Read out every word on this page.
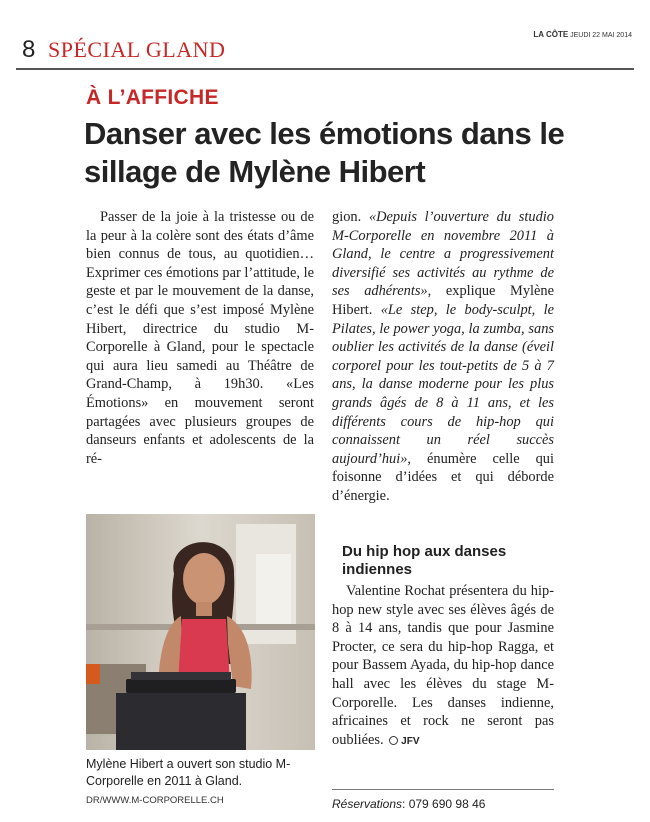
8 SPÉCIAL GLAND
LA CÔTE JEUDI 22 MAI 2014
À L’AFFICHE
Danser avec les émotions dans le sillage de Mylène Hibert
Passer de la joie à la tristesse ou de la peur à la colère sont des états d’âme bien connus de tous, au quotidien… Exprimer ces émotions par l’attitude, le geste et par le mouvement de la danse, c’est le défi que s’est imposé Mylène Hibert, directrice du studio M-Corporelle à Gland, pour le spectacle qui aura lieu samedi au Théâtre de Grand-Champ, à 19h30. «Les Émotions» en mouvement seront partagées avec plusieurs groupes de danseurs enfants et adolescents de la ré-
gion. «Depuis l’ouverture du studio M-Corporelle en novembre 2011 à Gland, le centre a progressivement diversifié ses activités au rythme de ses adhérents», explique Mylène Hibert. «Le step, le body-sculpt, le Pilates, le power yoga, la zumba, sans oublier les activités de la danse (éveil corporel pour les tout-petits de 5 à 7 ans, la danse moderne pour les plus grands âgés de 8 à 11 ans, et les différents cours de hip-hop qui connaissent un réel succès aujourd’hui», énumère celle qui foisonne d’idées et qui déborde d’énergie.
Mylène Hibert a ouvert son studio M-Corporelle en 2011 à Gland.
DR/WWW.M-CORPORELLE.CH
Du hip hop aux danses indiennes
Valentine Rochat présentera du hip-hop new style avec ses élèves âgés de 8 à 14 ans, tandis que pour Jasmine Procter, ce sera du hip-hop Ragga, et pour Bassem Ayada, du hip-hop dance hall avec les élèves du stage M-Corporelle. Les danses indienne, africaines et rock ne seront pas oubliées. JFV
Réservations: 079 690 98 46
